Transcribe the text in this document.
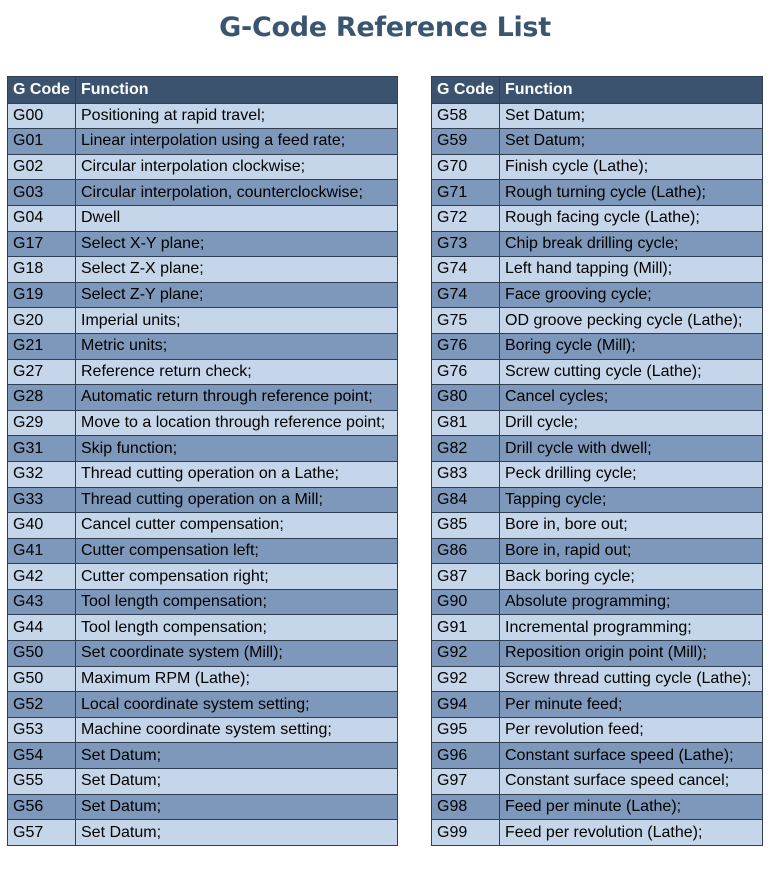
G-Code Reference List
G Code	Function
G00	Positioning at rapid travel;
G01	Linear interpolation using a feed rate;
G02	Circular interpolation clockwise;
G03	Circular interpolation, counterclockwise;
G04	Dwell
G17	Select X-Y plane;
G18	Select Z-X plane;
G19	Select Z-Y plane;
G20	Imperial units;
G21	Metric units;
G27	Reference return check;
G28	Automatic return through reference point;
G29	Move to a location through reference point;
G31	Skip function;
G32	Thread cutting operation on a Lathe;
G33	Thread cutting operation on a Mill;
G40	Cancel cutter compensation;
G41	Cutter compensation left;
G42	Cutter compensation right;
G43	Tool length compensation;
G44	Tool length compensation;
G50	Set coordinate system (Mill);
G50	Maximum RPM (Lathe);
G52	Local coordinate system setting;
G53	Machine coordinate system setting;
G54	Set Datum;
G55	Set Datum;
G56	Set Datum;
G57	Set Datum;
G Code	Function
G58	Set Datum;
G59	Set Datum;
G70	Finish cycle (Lathe);
G71	Rough turning cycle (Lathe);
G72	Rough facing cycle (Lathe);
G73	Chip break drilling cycle;
G74	Left hand tapping (Mill);
G74	Face grooving cycle;
G75	OD groove pecking cycle (Lathe);
G76	Boring cycle (Mill);
G76	Screw cutting cycle (Lathe);
G80	Cancel cycles;
G81	Drill cycle;
G82	Drill cycle with dwell;
G83	Peck drilling cycle;
G84	Tapping cycle;
G85	Bore in, bore out;
G86	Bore in, rapid out;
G87	Back boring cycle;
G90	Absolute programming;
G91	Incremental programming;
G92	Reposition origin point (Mill);
G92	Screw thread cutting cycle (Lathe);
G94	Per minute feed;
G95	Per revolution feed;
G96	Constant surface speed (Lathe);
G97	Constant surface speed cancel;
G98	Feed per minute (Lathe);
G99	Feed per revolution (Lathe);
